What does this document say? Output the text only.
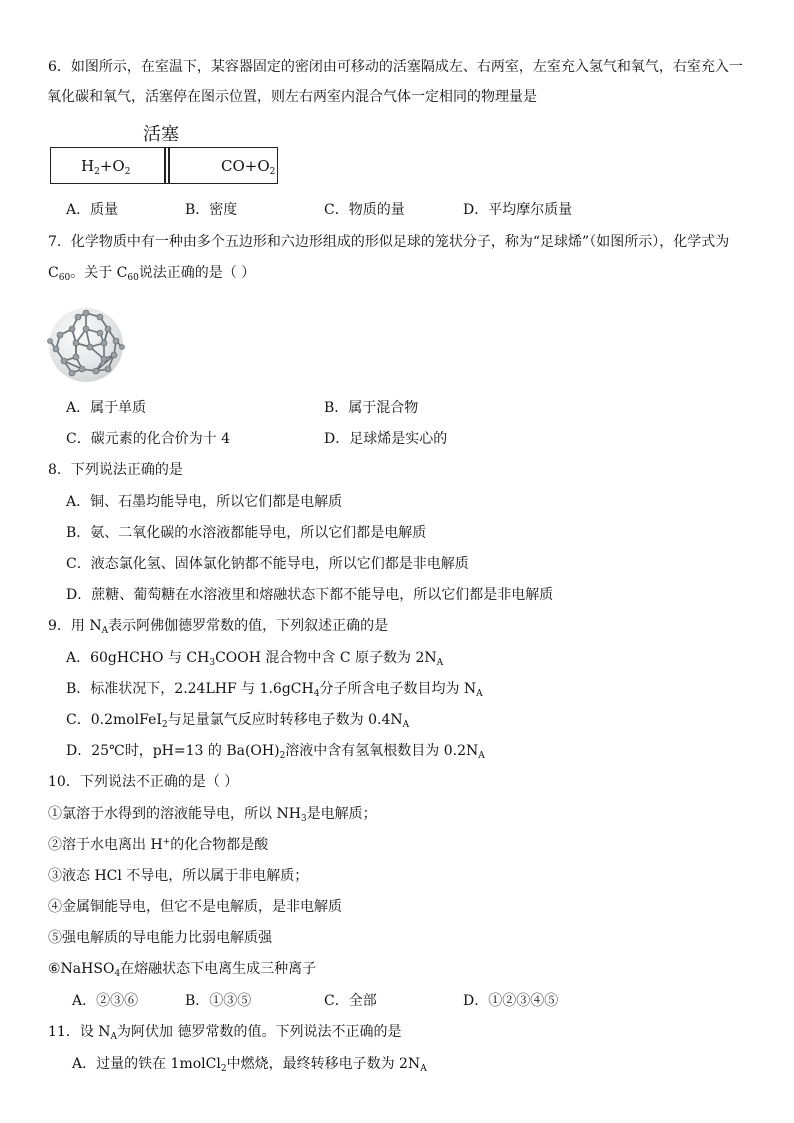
6．如图所示，在室温下，某容器固定的密闭由可移动的活塞隔成左、右两室，左室充入氢气和氧气，右室充入一
氧化碳和氧气，活塞停在图示位置，则左右两室内混合气体一定相同的物理量是
活塞
$H_2+O_2$	$CO+O_2$
A．质量	B．密度	C．物质的量	D．平均摩尔质量
7．化学物质中有一种由多个五边形和六边形组成的形似足球的笼状分子，称为“足球烯”（如图所示），化学式为
$C_{60}$。关于 $C_{60}$说法正确的是（ ）
A．属于单质	B．属于混合物
C．碳元素的化合价为十 4	D．足球烯是实心的
8．下列说法正确的是
A．铜、石墨均能导电，所以它们都是电解质
B．氨、二氧化碳的水溶液都能导电，所以它们都是电解质
C．液态氯化氢、固体氯化钠都不能导电，所以它们都是非电解质
D．蔗糖、葡萄糖在水溶液里和熔融状态下都不能导电，所以它们都是非电解质
9．用 $N_A$表示阿佛伽德罗常数的值，下列叙述正确的是
A．60gHCHO 与 $CH_3COOH$ 混合物中含 C 原子数为 $2N_A$
B．标准状况下，2.24LHF 与 1.6gCH$_4$分子所含电子数目均为 $N_A$
C．0.2molFeI$_2$与足量氯气反应时转移电子数为 $0.4N_A$
D．25℃时，pH=13 的 $Ba(OH)_2$溶液中含有氢氧根数目为 $0.2N_A$
10．下列说法不正确的是（ ）
①氯溶于水得到的溶液能导电，所以 $NH_3$是电解质；
②溶于水电离出 H+的化合物都是酸
③液态 HCl 不导电，所以属于非电解质；
④金属铜能导电，但它不是电解质，是非电解质
⑤强电解质的导电能力比弱电解质强
⑥NaHSO$_4$在熔融状态下电离生成三种离子
A．②③⑥	B．①③⑤	C．全部	D．①②③④⑤
11．设 $N_A$为阿伏加 德罗常数的值。下列说法不正确的是
A．过量的铁在 1molCl$_2$中燃烧，最终转移电子数为 $2N_A$
